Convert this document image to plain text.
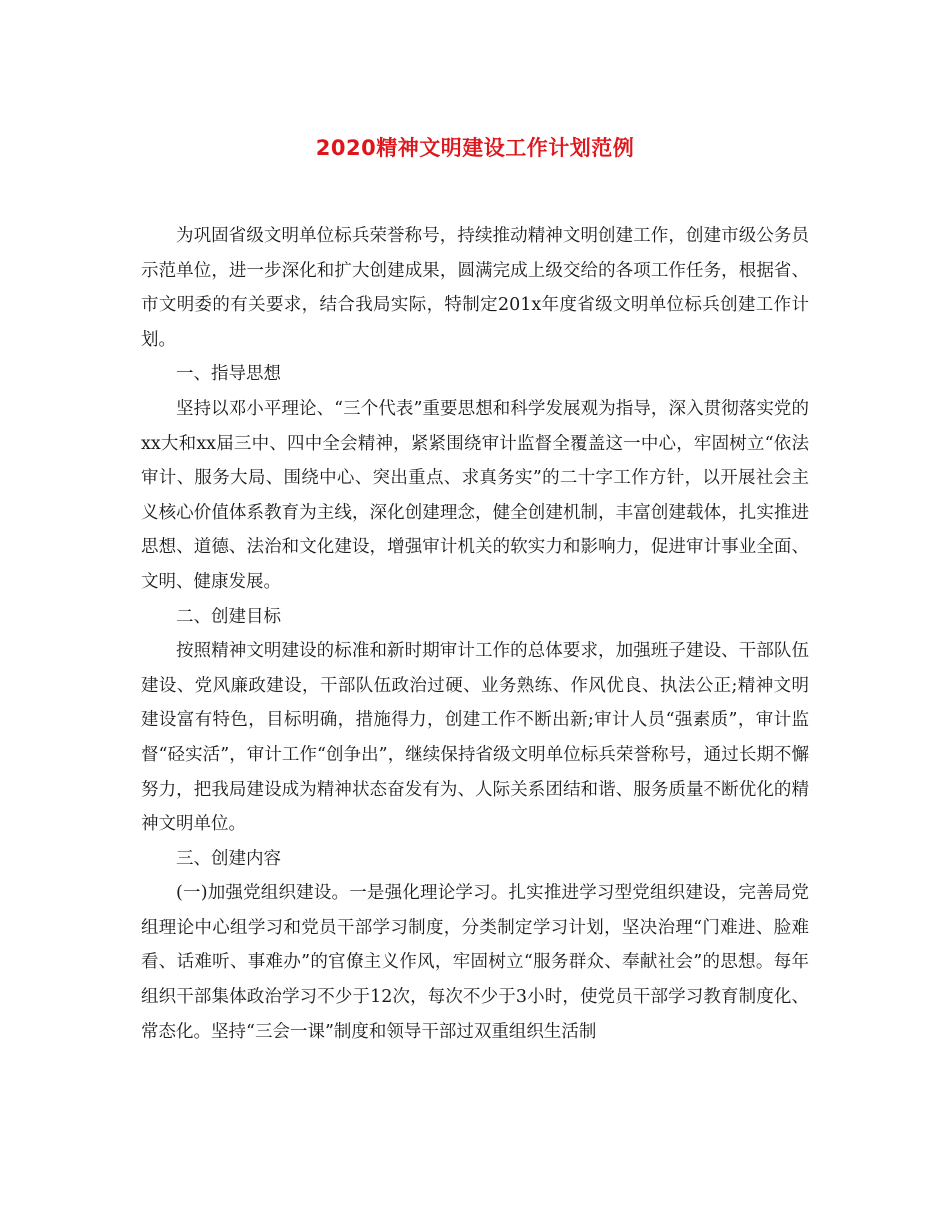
2020精神文明建设工作计划范例

为巩固省级文明单位标兵荣誉称号，持续推动精神文明创建工作，创建市级公务员示范单位，进一步深化和扩大创建成果，圆满完成上级交给的各项工作任务，根据省、市文明委的有关要求，结合我局实际，特制定201x年度省级文明单位标兵创建工作计划。

一、指导思想

坚持以邓小平理论、“三个代表”重要思想和科学发展观为指导，深入贯彻落实党的xx大和xx届三中、四中全会精神，紧紧围绕审计监督全覆盖这一中心，牢固树立“依法审计、服务大局、围绕中心、突出重点、求真务实”的二十字工作方针，以开展社会主义核心价值体系教育为主线，深化创建理念，健全创建机制，丰富创建载体，扎实推进思想、道德、法治和文化建设，增强审计机关的软实力和影响力，促进审计事业全面、文明、健康发展。

二、创建目标

按照精神文明建设的标准和新时期审计工作的总体要求，加强班子建设、干部队伍建设、党风廉政建设，干部队伍政治过硬、业务熟练、作风优良、执法公正;精神文明建设富有特色，目标明确，措施得力，创建工作不断出新;审计人员“强素质”，审计监督“硁实活”，审计工作“创争出”，继续保持省级文明单位标兵荣誉称号，通过长期不懈努力，把我局建设成为精神状态奋发有为、人际关系团结和谐、服务质量不断优化的精神文明单位。

三、创建内容

(一)加强党组织建设。一是强化理论学习。扎实推进学习型党组织建设，完善局党组理论中心组学习和党员干部学习制度，分类制定学习计划，坚决治理“门难进、脸难看、话难听、事难办”的官僚主义作风，牢固树立“服务群众、奉献社会”的思想。每年组织干部集体政治学习不少于12次，每次不少于3小时，使党员干部学习教育制度化、常态化。坚持“三会一课”制度和领导干部过双重组织生活制
